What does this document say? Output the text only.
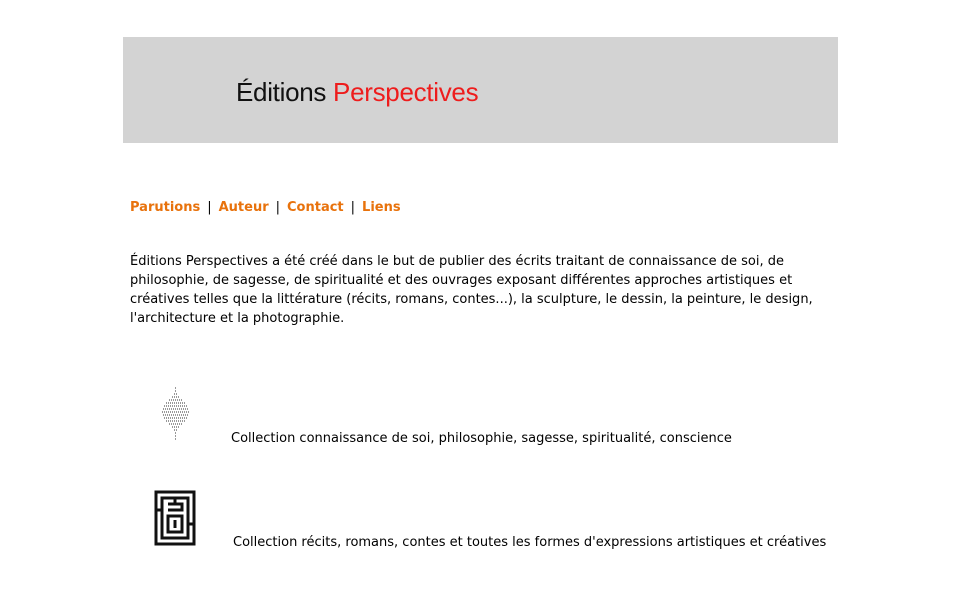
Éditions Perspectives
Parutions | Auteur | Contact | Liens

Éditions Perspectives a été créé dans le but de publier des écrits traitant de connaissance de soi, de philosophie, de sagesse, de spiritualité et des ouvrages exposant différentes approches artistiques et créatives telles que la littérature (récits, romans, contes...), la sculpture, le dessin, la peinture, le design, l'architecture et la photographie.

Collection connaissance de soi, philosophie, sagesse, spiritualité, conscience
Collection récits, romans, contes et toutes les formes d'expressions artistiques et créatives
